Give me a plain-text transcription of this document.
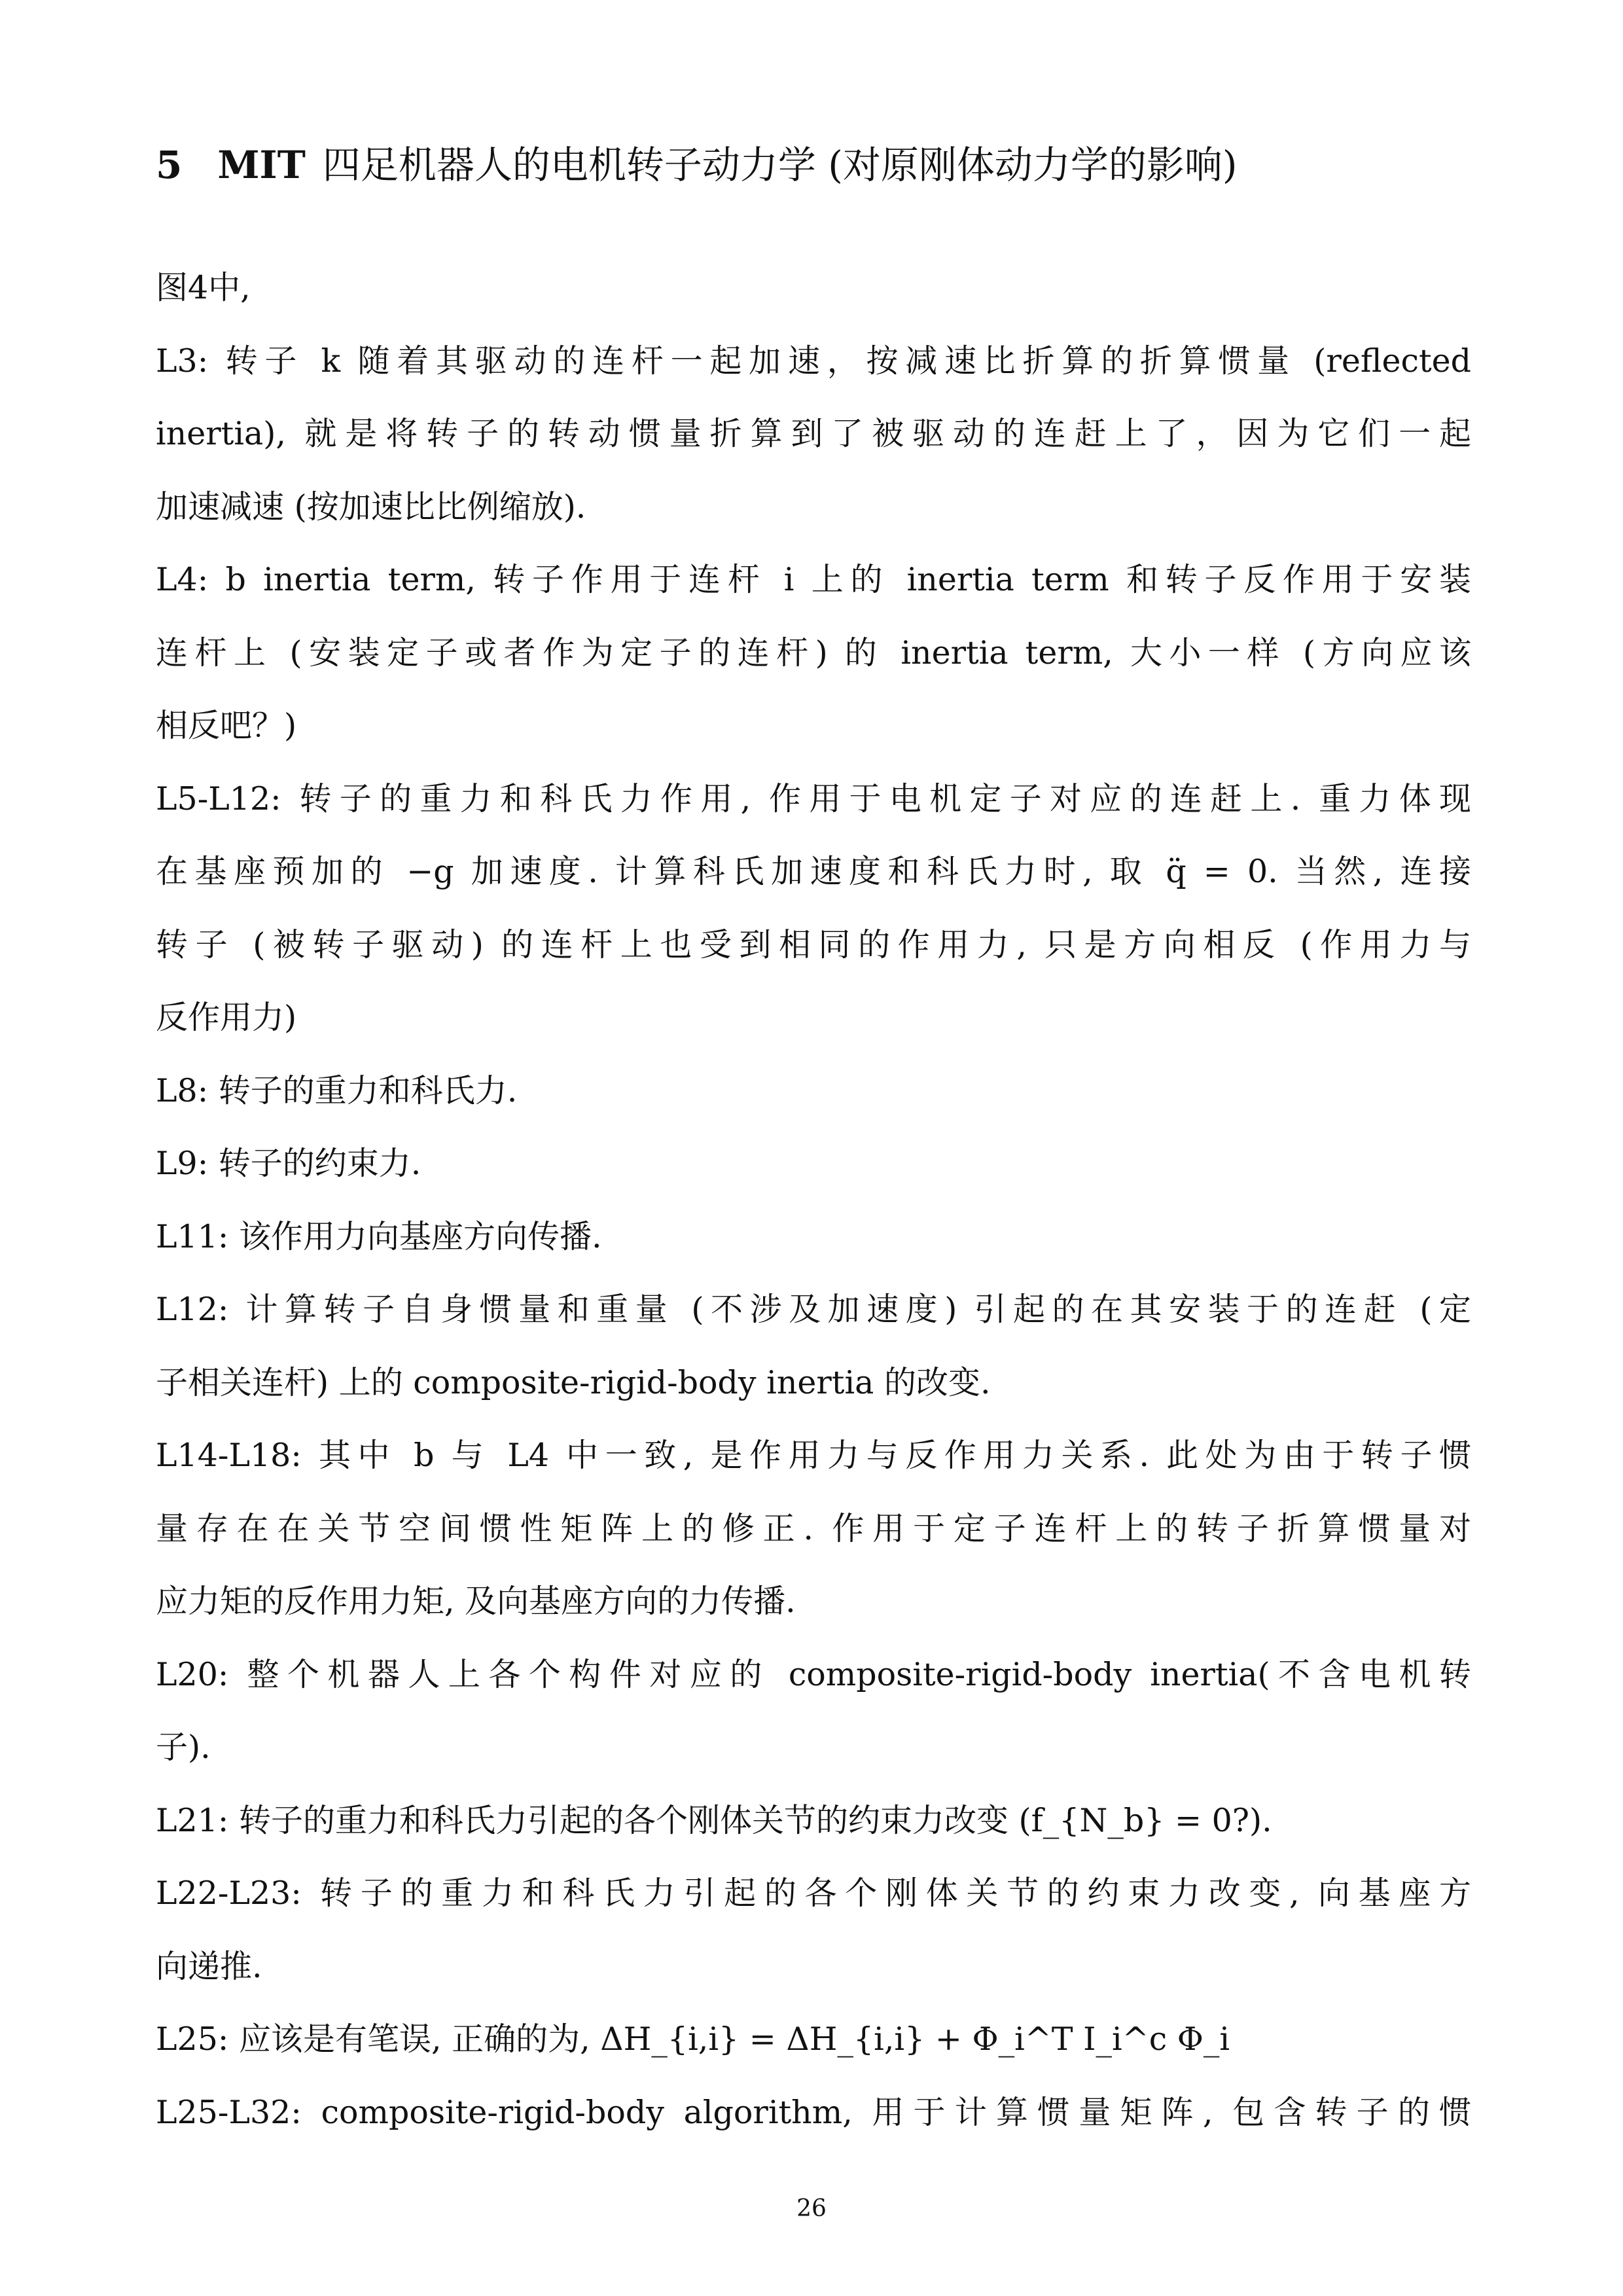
5 MIT 四足机器人的电机转子动力学 (对原刚体动力学的影响)
图4中,
L3: 转子 k 随着其驱动的连杆一起加速，按减速比折算的折算惯量 (reflected
inertia), 就是将转子的转动惯量折算到了被驱动的连赶上了，因为它们一起
加速减速 (按加速比比例缩放).
L4: b inertia term, 转子作用于连杆 i 上的 inertia term 和转子反作用于安装
连杆上 (安装定子或者作为定子的连杆) 的 inertia term, 大小一样 (方向应该
相反吧？)
L5-L12: 转子的重力和科氏力作用, 作用于电机定子对应的连赶上. 重力体现
在基座预加的 −g 加速度. 计算科氏加速度和科氏力时, 取 q̈ = 0. 当然, 连接
转子 (被转子驱动) 的连杆上也受到相同的作用力, 只是方向相反 (作用力与
反作用力)
L8: 转子的重力和科氏力.
L9: 转子的约束力.
L11: 该作用力向基座方向传播.
L12: 计算转子自身惯量和重量 (不涉及加速度) 引起的在其安装于的连赶 (定
子相关连杆) 上的 composite-rigid-body inertia 的改变.
L14-L18: 其中 b 与 L4 中一致, 是作用力与反作用力关系. 此处为由于转子惯
量存在在关节空间惯性矩阵上的修正. 作用于定子连杆上的转子折算惯量对
应力矩的反作用力矩, 及向基座方向的力传播.
L20: 整个机器人上各个构件对应的 composite-rigid-body inertia(不含电机转
子).
L21: 转子的重力和科氏力引起的各个刚体关节的约束力改变 (f_{N_b} = 0?).
L22-L23: 转子的重力和科氏力引起的各个刚体关节的约束力改变, 向基座方
向递推.
L25: 应该是有笔误, 正确的为, ΔH_{i,i} = ΔH_{i,i} + Φ_i^T I_i^c Φ_i
L25-L32: composite-rigid-body algorithm, 用于计算惯量矩阵, 包含转子的惯
26
